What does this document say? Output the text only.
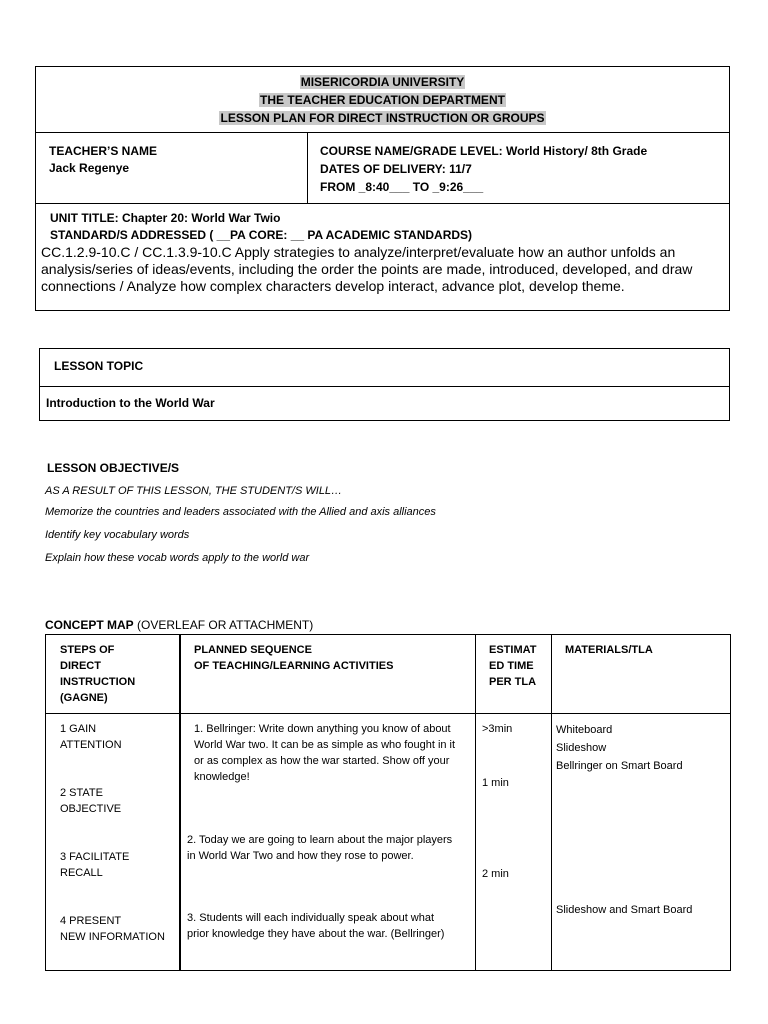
MISERICORDIA UNIVERSITY
THE TEACHER EDUCATION DEPARTMENT
LESSON PLAN FOR DIRECT INSTRUCTION OR GROUPS
TEACHER’S NAME
Jack Regenye
COURSE NAME/GRADE LEVEL: World History/ 8th Grade
DATES OF DELIVERY: 11/7
FROM _8:40___ TO _9:26___
UNIT TITLE: Chapter 20: World War Twio
STANDARD/S ADDRESSED ( __PA CORE: __ PA ACADEMIC STANDARDS)
CC.1.2.9-10.C / CC.1.3.9-10.C Apply strategies to analyze/interpret/evaluate how an author unfolds an
analysis/series of ideas/events, including the order the points are made, introduced, developed, and draw
connections / Analyze how complex characters develop interact, advance plot, develop theme.
LESSON TOPIC
Introduction to the World War
LESSON OBJECTIVE/S
AS A RESULT OF THIS LESSON, THE STUDENT/S WILL…
Memorize the countries and leaders associated with the Allied and axis alliances
Identify key vocabulary words
Explain how these vocab words apply to the world war
CONCEPT MAP (OVERLEAF OR ATTACHMENT)
STEPS OF
DIRECT
INSTRUCTION
(GAGNE)
PLANNED SEQUENCE
OF TEACHING/LEARNING ACTIVITIES
ESTIMAT
ED TIME
PER TLA
MATERIALS/TLA
1 GAIN
ATTENTION
2 STATE
OBJECTIVE
3 FACILITATE
RECALL
4 PRESENT
NEW INFORMATION
1. Bellringer: Write down anything you know of about
World War two. It can be as simple as who fought in it
or as complex as how the war started. Show off your
knowledge!
2. Today we are going to learn about the major players
in World War Two and how they rose to power.
3. Students will each individually speak about what
prior knowledge they have about the war. (Bellringer)
>3min
1 min
2 min
Whiteboard
Slideshow
Bellringer on Smart Board
Slideshow and Smart Board
